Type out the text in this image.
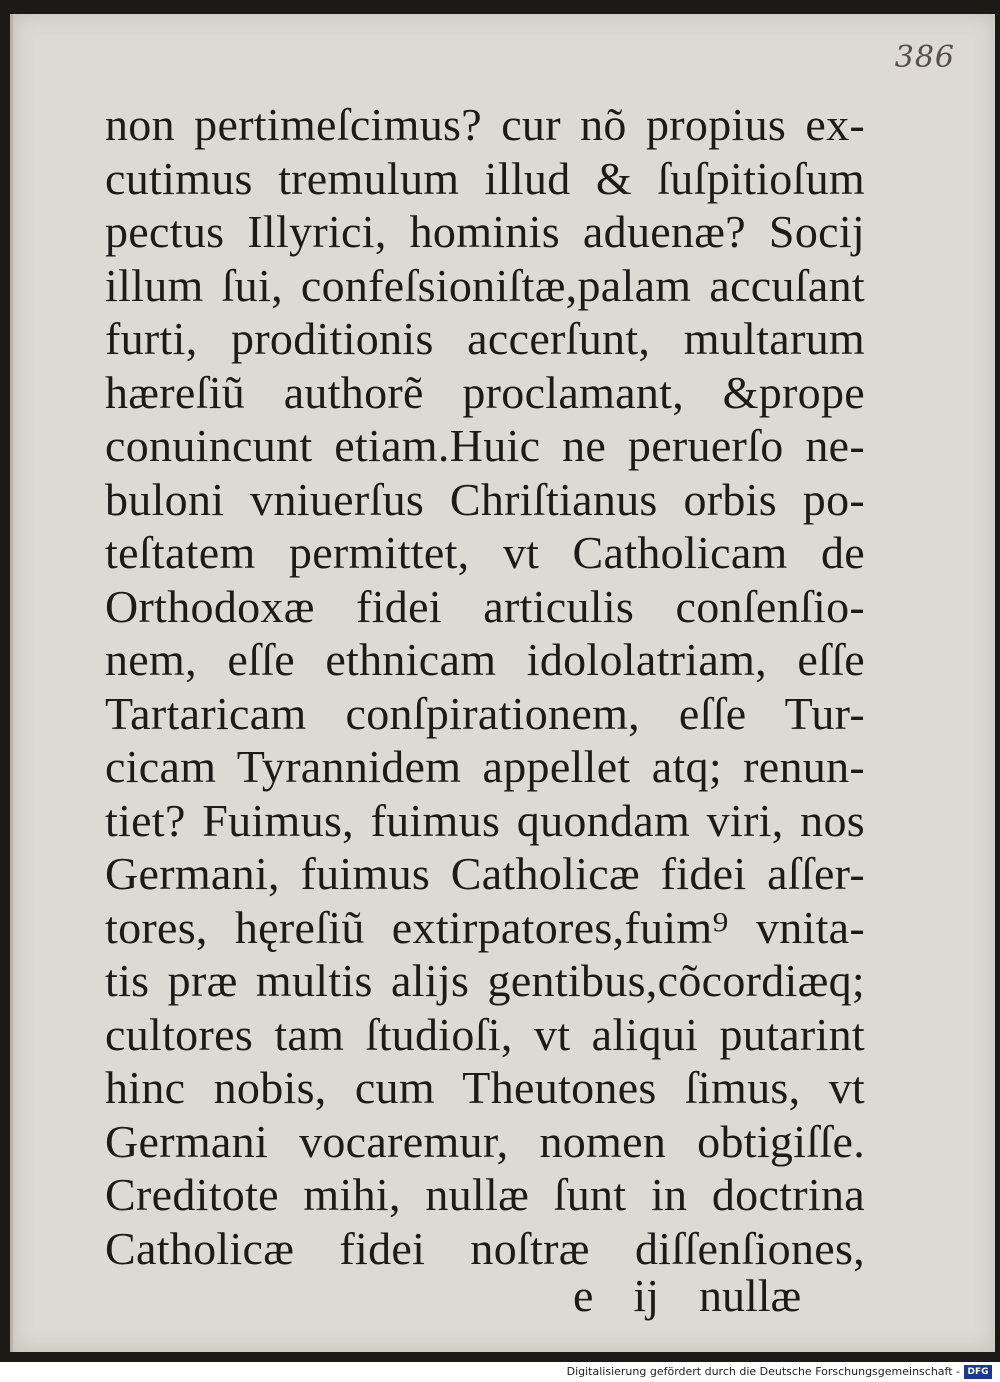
386
non pertimeſcimus? cur nõ propius ex-
cutimus tremulum illud & ſuſpitioſum
pectus Illyrici, hominis aduenæ? Socij
illum ſui, confeſsioniſtæ,palam accuſant
furti, proditionis accerſunt, multarum
hæreſiũ authorẽ proclamant, &prope
conuincunt etiam.Huic ne peruerſo ne-
buloni vniuerſus Chriſtianus orbis po-
teſtatem permittet, vt Catholicam de
Orthodoxæ fidei articulis conſenſio-
nem, eſſe ethnicam idololatriam, eſſe
Tartaricam conſpirationem, eſſe Tur-
cicam Tyrannidem appellet atq; renun-
tiet? Fuimus, fuimus quondam viri, nos
Germani, fuimus Catholicæ fidei aſſer-
tores, hęreſiũ extirpatores,fuim⁹ vnita-
tis præ multis alijs gentibus,cõcordiæq;
cultores tam ſtudioſi, vt aliqui putarint
hinc nobis, cum Theutones ſimus, vt
Germani vocaremur, nomen obtigiſſe.
Creditote mihi, nullæ ſunt in doctrina
Catholicæ fidei noſtræ diſſenſiones,
e ij nullæ
Digitalisierung gefördert durch die Deutsche Forschungsgemeinschaft - DFG
